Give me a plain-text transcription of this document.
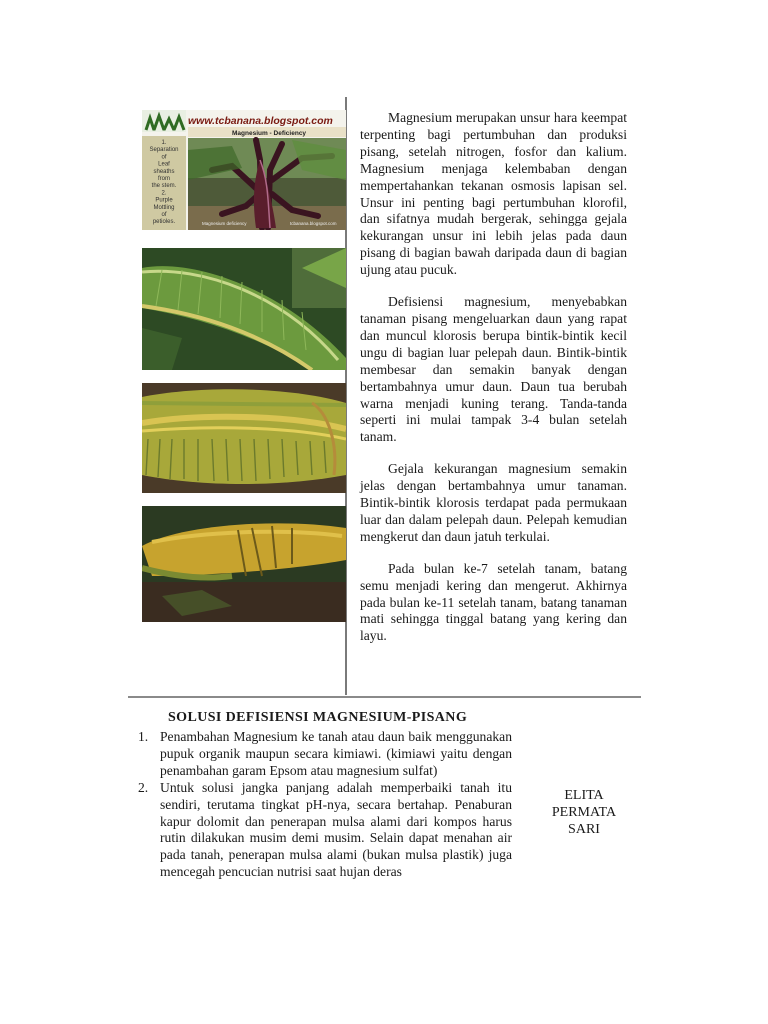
www.tcbanana.blogspot.com
Magnesium - Deficiency
1.
Separation
of
Leaf
sheaths
from
the stem.
2.
Purple
Mottling
of
petioles.	Magnesium deficiency	tcbanana.blogspot.com

Magnesium merupakan unsur hara keempat terpenting bagi pertumbuhan dan produksi pisang, setelah nitrogen, fosfor dan kalium. Magnesium menjaga kelembaban dengan mempertahankan tekanan osmosis lapisan sel. Unsur ini penting bagi pertumbuhan klorofil, dan sifatnya mudah bergerak, sehingga gejala kekurangan unsur ini lebih jelas pada daun pisang di bagian bawah daripada daun di bagian ujung atau pucuk.

Defisiensi magnesium, menyebabkan tanaman pisang mengeluarkan daun yang rapat dan muncul klorosis berupa bintik-bintik kecil ungu di bagian luar pelepah daun. Bintik-bintik membesar dan semakin banyak dengan bertambahnya umur daun. Daun tua berubah warna menjadi kuning terang. Tanda-tanda seperti ini mulai tampak 3-4 bulan setelah tanam.

Gejala kekurangan magnesium semakin jelas dengan bertambahnya umur tanaman. Bintik-bintik klorosis terdapat pada permukaan luar dan dalam pelepah daun. Pelepah kemudian mengkerut dan daun jatuh terkulai.

Pada bulan ke-7 setelah tanam, batang semu menjadi kering dan mengerut. Akhirnya pada bulan ke-11 setelah tanam, batang tanaman mati sehingga tinggal batang yang kering dan layu.

SOLUSI DEFISIENSI MAGNESIUM-PISANG
1. Penambahan Magnesium ke tanah atau daun baik menggunakan pupuk organik maupun secara kimiawi. (kimiawi yaitu dengan penambahan garam Epsom atau magnesium sulfat)
2. Untuk solusi jangka panjang adalah memperbaiki tanah itu sendiri, terutama tingkat pH-nya, secara bertahap. Penaburan kapur dolomit dan penerapan mulsa alami dari kompos harus rutin dilakukan musim demi musim. Selain dapat menahan air pada tanah, penerapan mulsa alami (bukan mulsa plastik) juga mencegah pencucian nutrisi saat hujan deras
ELITA
PERMATA
SARI
